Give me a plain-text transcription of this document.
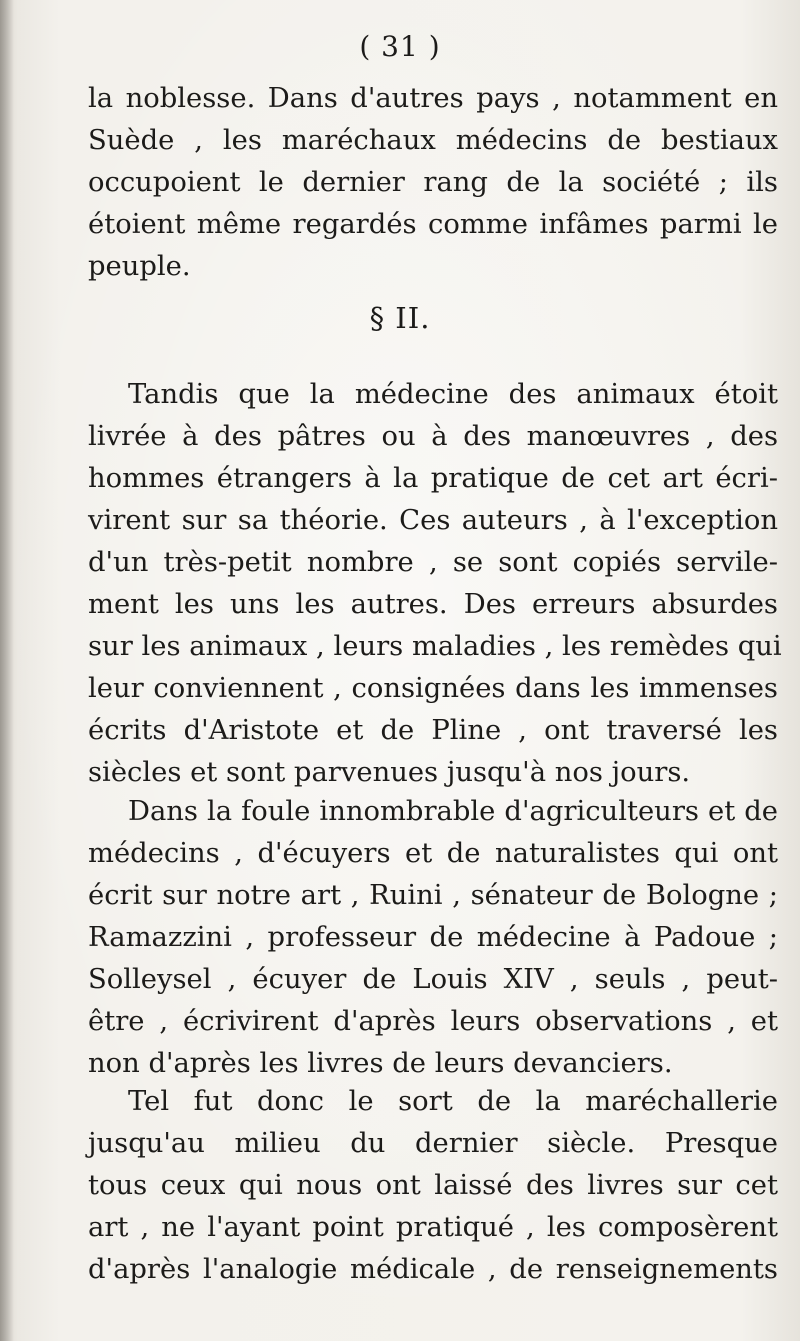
( 31 )
la noblesse. Dans d'autres pays , notamment en
Suède , les maréchaux médecins de bestiaux
occupoient le dernier rang de la société ; ils
étoient même regardés comme infâmes parmi le
peuple.
§ II.
Tandis que la médecine des animaux étoit
livrée à des pâtres ou à des manœuvres , des
hommes étrangers à la pratique de cet art écri-
virent sur sa théorie. Ces auteurs , à l'exception
d'un très-petit nombre , se sont copiés servile-
ment les uns les autres. Des erreurs absurdes
sur les animaux , leurs maladies , les remèdes qui
leur conviennent , consignées dans les immenses
écrits d'Aristote et de Pline , ont traversé les
siècles et sont parvenues jusqu'à nos jours.
Dans la foule innombrable d'agriculteurs et de
médecins , d'écuyers et de naturalistes qui ont
écrit sur notre art , Ruini , sénateur de Bologne ;
Ramazzini , professeur de médecine à Padoue ;
Solleysel , écuyer de Louis XIV , seuls , peut-
être , écrivirent d'après leurs observations , et
non d'après les livres de leurs devanciers.
Tel fut donc le sort de la maréchallerie
jusqu'au milieu du dernier siècle. Presque
tous ceux qui nous ont laissé des livres sur cet
art , ne l'ayant point pratiqué , les composèrent
d'après l'analogie médicale , de renseignements
